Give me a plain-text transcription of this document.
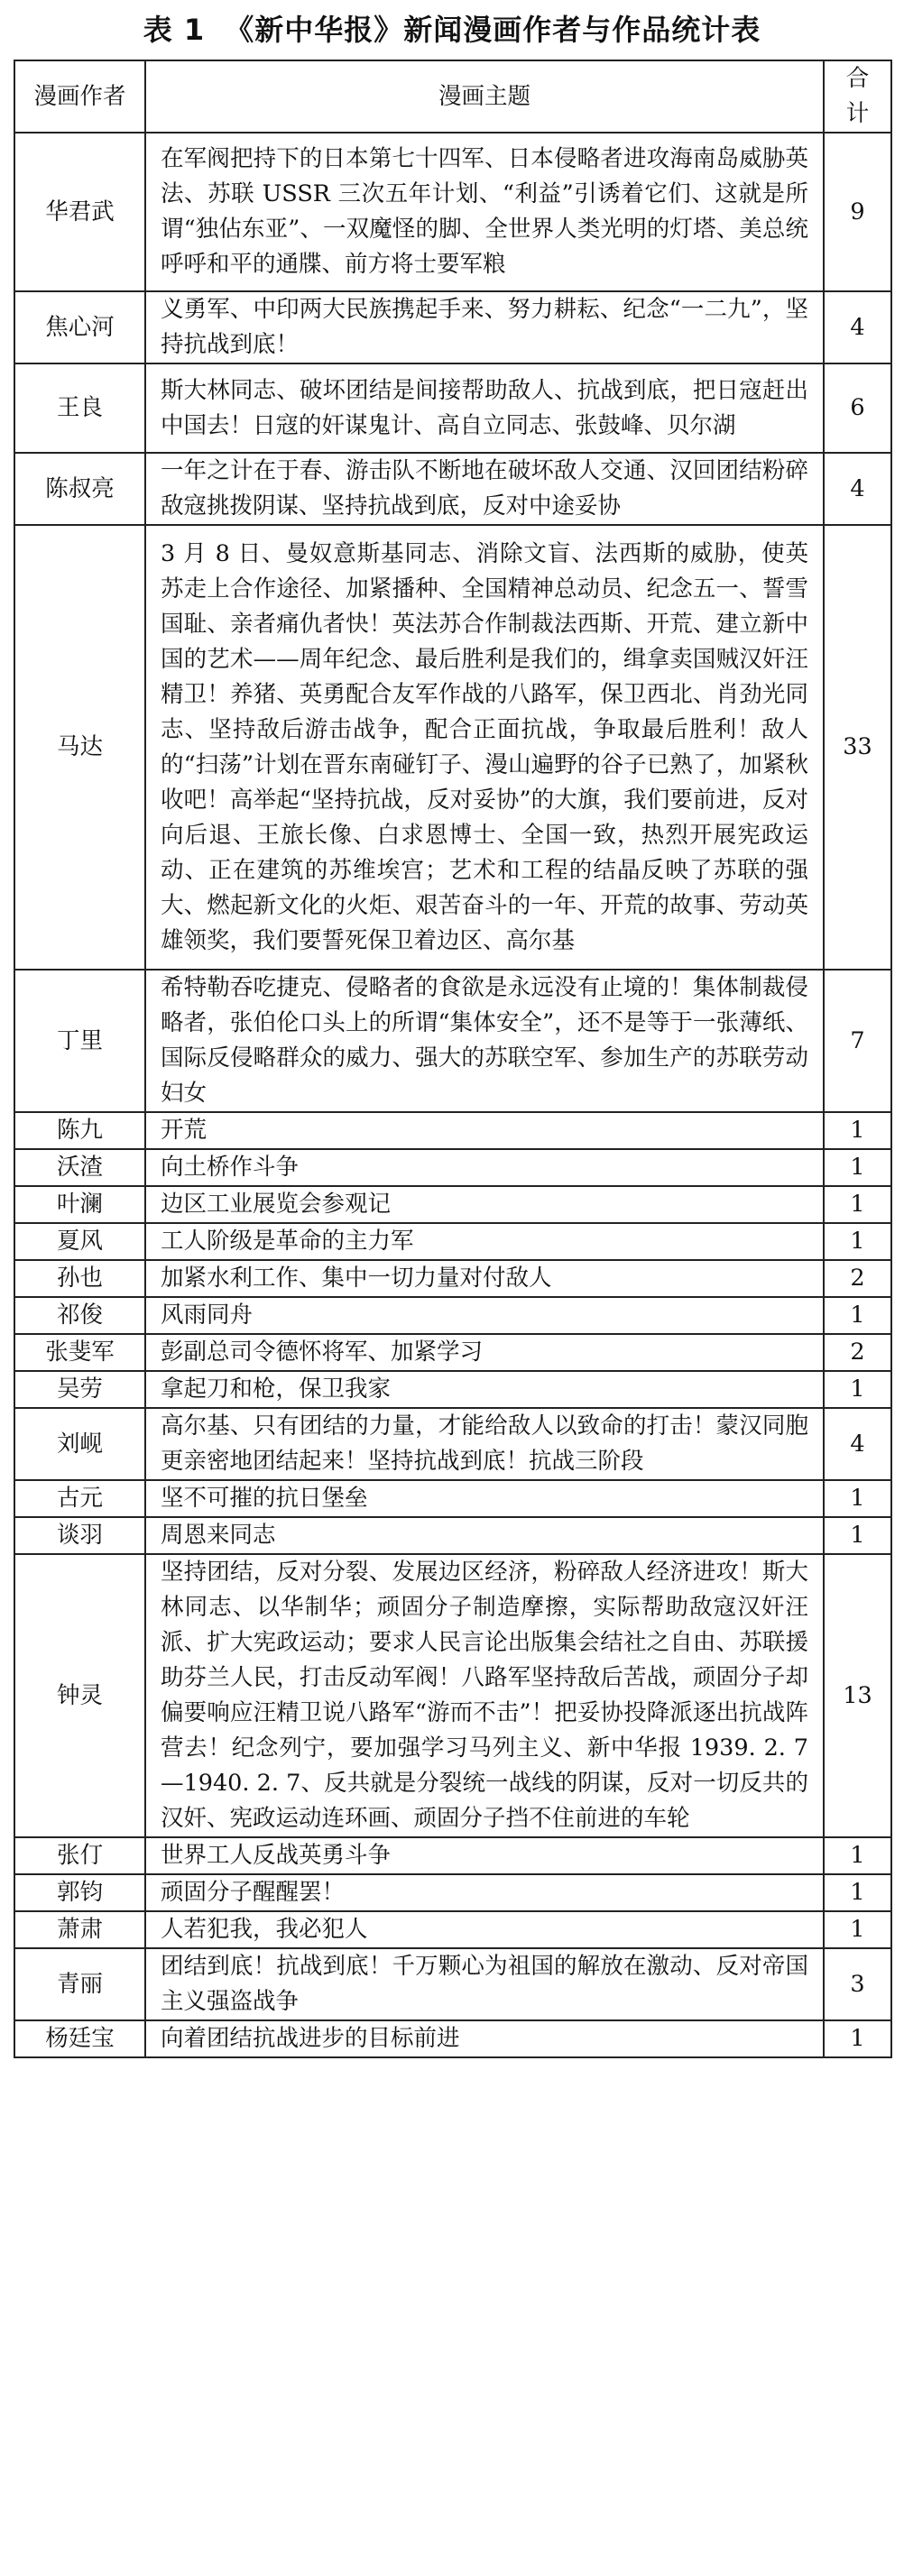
表 1 《新中华报》新闻漫画作者与作品统计表
漫画作者	漫画主题	合计
华君武	在军阀把持下的日本第七十四军、日本侵略者进攻海南岛威胁英法、苏联 USSR 三次五年计划、“利益”引诱着它们、这就是所谓“独佔东亚”、一双魔怪的脚、全世界人类光明的灯塔、美总统呼呼和平的通牒、前方将士要军粮	9
焦心河	义勇军、中印两大民族携起手来、努力耕耘、纪念“一二九”，坚持抗战到底！	4
王良	斯大林同志、破坏团结是间接帮助敌人、抗战到底，把日寇赶出中国去！日寇的奸谋鬼计、高自立同志、张鼓峰、贝尔湖	6
陈叔亮	一年之计在于春、游击队不断地在破坏敌人交通、汉回团结粉碎敌寇挑拨阴谋、坚持抗战到底，反对中途妥协	4
马达	3 月 8 日、曼奴意斯基同志、消除文盲、法西斯的威胁，使英苏走上合作途径、加紧播种、全国精神总动员、纪念五一、誓雪国耻、亲者痛仇者快！英法苏合作制裁法西斯、开荒、建立新中国的艺术——周年纪念、最后胜利是我们的，缉拿卖国贼汉奸汪精卫！养猪、英勇配合友军作战的八路军，保卫西北、肖劲光同志、坚持敌后游击战争，配合正面抗战，争取最后胜利！敌人的“扫荡”计划在晋东南碰钉子、漫山遍野的谷子已熟了，加紧秋收吧！高举起“坚持抗战，反对妥协”的大旗，我们要前进，反对向后退、王旅长像、白求恩博士、全国一致，热烈开展宪政运动、正在建筑的苏维埃宫；艺术和工程的结晶反映了苏联的强大、燃起新文化的火炬、艰苦奋斗的一年、开荒的故事、劳动英雄领奖，我们要誓死保卫着边区、高尔基	33
丁里	希特勒吞吃捷克、侵略者的食欲是永远没有止境的！集体制裁侵略者，张伯伦口头上的所谓“集体安全”，还不是等于一张薄纸、国际反侵略群众的威力、强大的苏联空军、参加生产的苏联劳动妇女	7
陈九	开荒	1
沃渣	向土桥作斗争	1
叶澜	边区工业展览会参观记	1
夏风	工人阶级是革命的主力军	1
孙也	加紧水利工作、集中一切力量对付敌人	2
祁俊	风雨同舟	1
张斐军	彭副总司令德怀将军、加紧学习	2
吴劳	拿起刀和枪，保卫我家	1
刘岘	高尔基、只有团结的力量，才能给敌人以致命的打击！蒙汉同胞更亲密地团结起来！坚持抗战到底！抗战三阶段	4
古元	坚不可摧的抗日堡垒	1
谈羽	周恩来同志	1
钟灵	坚持团结，反对分裂、发展边区经济，粉碎敌人经济进攻！斯大林同志、以华制华；顽固分子制造摩擦，实际帮助敌寇汉奸汪派、扩大宪政运动；要求人民言论出版集会结社之自由、苏联援助芬兰人民，打击反动军阀！八路军坚持敌后苦战，顽固分子却偏要响应汪精卫说八路军“游而不击”！把妥协投降派逐出抗战阵营去！纪念列宁，要加强学习马列主义、新中华报 1939. 2. 7—1940. 2. 7、反共就是分裂统一战线的阴谋，反对一切反共的汉奸、宪政运动连环画、顽固分子挡不住前进的车轮	13
张仃	世界工人反战英勇斗争	1
郭钧	顽固分子醒醒罢！	1
萧肃	人若犯我，我必犯人	1
青丽	团结到底！抗战到底！千万颗心为祖国的解放在激动、反对帝国主义强盗战争	3
杨廷宝	向着团结抗战进步的目标前进	1
